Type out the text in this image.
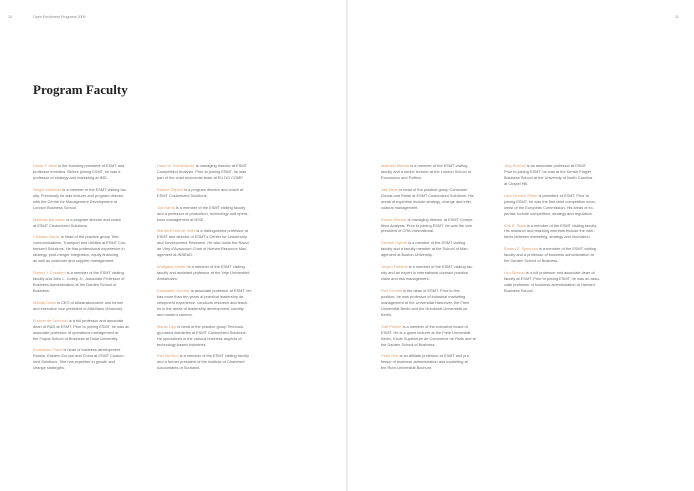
10	Open Enrollment Programs 2009
Program Faculty

Derek F. Abell is the founding president of ESMT and
professor emeritus. Before joining ESMT, he was a
professor of strategy and marketing at IMD.

Sergei Arakelian is a member of the ESMT visiting fac-
ulty. Previously he was lecturer and program director
with the Centre for Management Development at
London Business School.

Matthias Baumann is a program director and coach
at ESMT Customized Solutions.

Christian Bauer is head of the practice group Tele-
communications, Transport and Utilities at ESMT Cus-
tomized Solutions. He has professional experience in
strategy, post-merger integration, equity financing
as well as customer and supplier management.

Robert J. Crawford is a member of the ESMT visiting
faculty and John L. Colley, Jr., Associate Professor of
Business Administration at the Darden School of
Business.

Mikhail Dubik is CEO of Alfastrakhovanie and former
and executive vice president of Alfa-Bank (Moscow).

Francis de Véricourt is a full professor and associate
dean of R&D at ESMT. Prior to joining ESMT, he was an
associate professor of operations management at
the Fuqua School of Business at Duke University.

Konstantin Frank is head of business development
Russia, Eastern Europe and China at ESMT Custom-
ized Solutions. She has expertise in growth and
change strategies.

Hans W. Friederiszick is managing director at ESMT
Competition Analysis. Prior to joining ESMT, he was
part of the chief economist team at EU DG COMP.

Sabine Göpfert is a program director and coach at
ESMT Customized Solutions.

Joe Harris is a member of the ESMT visiting faculty
and a professor of production, technology and opera-
tions management at IESE.

Manfred Kets de Vries is a distinguished professor at
ESMT and director of ESMT's Center for Leadership
and Development Research. He also holds the Raoul
de Vitry d'Avaucourt Chair of Human Resource Man-
agement at INSEAD.

Wolfgang Kirsten is a member of the ESMT visiting
faculty and assistant professor at the Vrije Universiteit
Amsterdam.

Konstantin Korotov is associate professor at ESMT. He
has more than ten years of practical leadership de-
velopment experience, conducts research and teach-
es in the areas of leadership development, identity
and modern careers.

Martin Lipp is head of the practice group Technolo-
gy-based industries at ESMT Customized Solutions.
He specializes in the various business aspects of
technology-based industries.

Ron McGinn is a member of the ESMT visiting faculty
and a former president of the Institute of Chartered
Accountants of Scotland.

11

Matthew Marlow is a member of the ESMT visiting
faculty and a senior lecturer at the London School of
Economics and Politics.

Nils Meier is head of the practice group Consumer
Goods and Retail at ESMT Customized Solutions. His
areas of expertise include strategy, change and inter-
cultural management.

Rainer Nitsche is managing director at ESMT Compe-
tition Analysis. Prior to joining ESMT, he was the vice
president of CRA International.

Stewart Ogilvie is a member of the ESMT visiting
faculty and a faculty member at the School of Man-
agement at Boston University.

Jorgen Roberts is a member of the ESMT visiting fac-
ulty and an expert in international contract practice,
claim and risk management.

Rolf Schmitt is the dean of ESMT. Prior to this
position, he was professor of industrial marketing
management at the Universität Hannover, the Freie
Universität Berlin and the Humboldt-Universität zu
Berlin.

Olaf Plötner is a member of the executive board of
ESMT. He is a guest lecturer at the Freie Universität
Berlin, Ecole Supérieure de Commerce de Paris and at
the Darden School of Business.

Peter Ruh is an affiliate professor at ESMT and pro-
fessor of business administration and marketing at
the Ruhr-Universität Bochum.

Jörg Rocholl is an associate professor at ESMT.
Prior to joining ESMT, he was at the Kenan-Flagler
Business School at the University of North Carolina
at Chapel Hill.

Lars-Hendrik Röller is president of ESMT. Prior to
joining ESMT, he was the first chief competition econ-
omist of the European Commission. His areas of ex-
pertise include competition, strategy and regulation.

Erik R. Stark is a member of the ESMT visiting faculty.
His research and teaching interests include the inter-
faces between marketing, strategy and innovation.

Robert E. Spekman is a member of the ESMT visiting
faculty and a professor of business administration at
the Darden School of Business.

Leo Sheiner is a full professor and associate dean of
faculty at ESMT. Prior to joining ESMT, he was an asso-
ciate professor of business administration at Harvard
Business School.
